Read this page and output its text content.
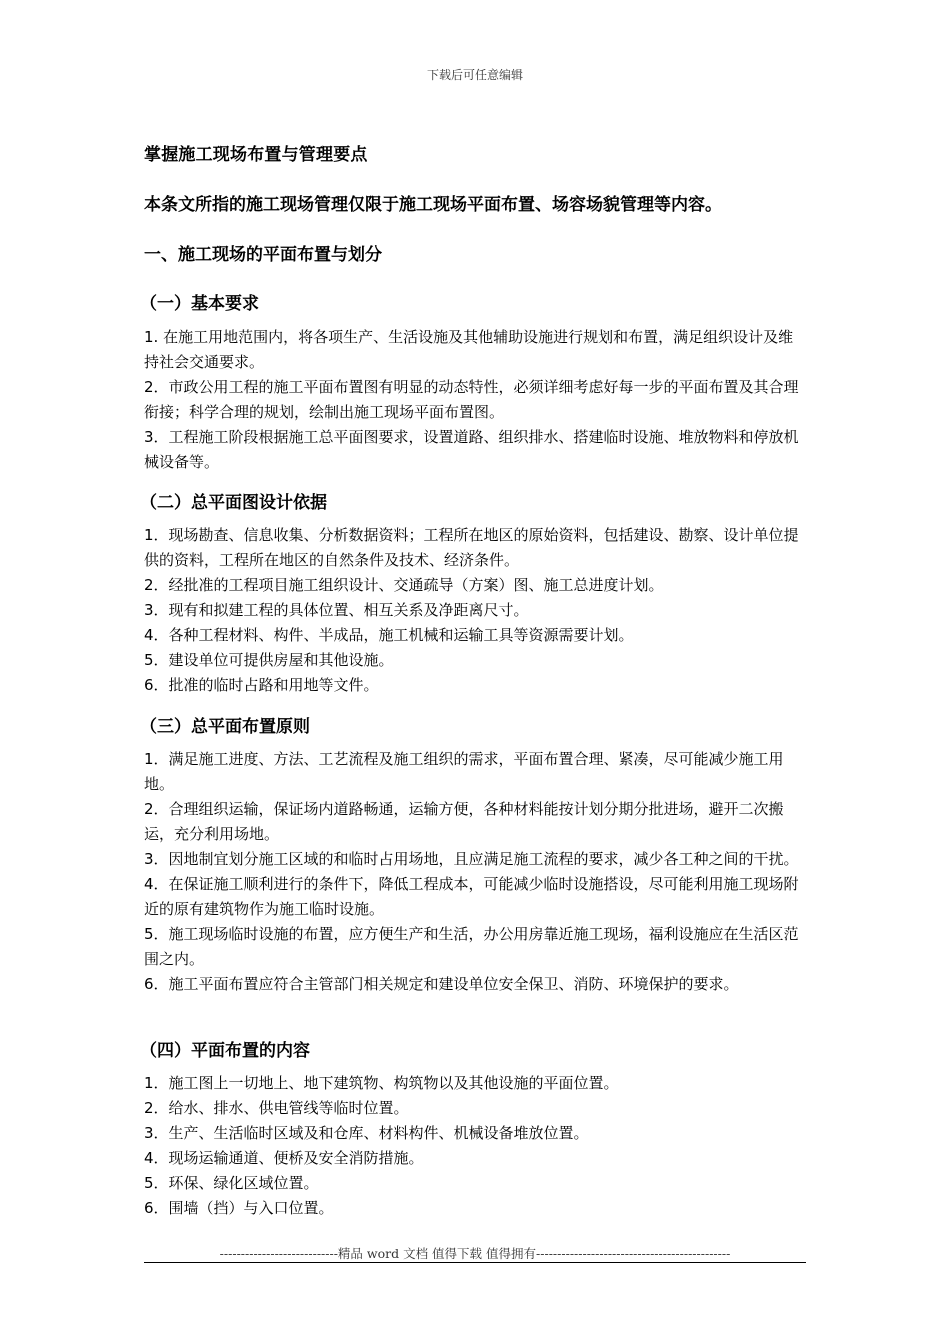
下载后可任意编辑
掌握施工现场布置与管理要点
本条文所指的施工现场管理仅限于施工现场平面布置、场容场貌管理等内容。
一、施工现场的平面布置与划分
（一）基本要求

1. 在施工用地范围内，将各项生产、生活设施及其他辅助设施进行规划和布置，满足组织设计及维持社会交通要求。

2．市政公用工程的施工平面布置图有明显的动态特性，必须详细考虑好每一步的平面布置及其合理衔接；科学合理的规划，绘制出施工现场平面布置图。

3．工程施工阶段根据施工总平面图要求，设置道路、组织排水、搭建临时设施、堆放物料和停放机械设备等。

（二）总平面图设计依据

1．现场勘查、信息收集、分析数据资料；工程所在地区的原始资料，包括建设、勘察、设计单位提供的资料，工程所在地区的自然条件及技术、经济条件。

2．经批准的工程项目施工组织设计、交通疏导（方案）图、施工总进度计划。

3．现有和拟建工程的具体位置、相互关系及净距离尺寸。

4．各种工程材料、构件、半成品，施工机械和运输工具等资源需要计划。

5．建设单位可提供房屋和其他设施。

6．批准的临时占路和用地等文件。

（三）总平面布置原则

1．满足施工进度、方法、工艺流程及施工组织的需求，平面布置合理、紧凑，尽可能减少施工用地。

2．合理组织运输，保证场内道路畅通，运输方便，各种材料能按计划分期分批进场，避开二次搬运，充分利用场地。

3．因地制宜划分施工区域的和临时占用场地，且应满足施工流程的要求，减少各工种之间的干扰。

4．在保证施工顺利进行的条件下，降低工程成本，可能减少临时设施搭设，尽可能利用施工现场附近的原有建筑物作为施工临时设施。

5．施工现场临时设施的布置，应方便生产和生活，办公用房靠近施工现场，福利设施应在生活区范围之内。

6．施工平面布置应符合主管部门相关规定和建设单位安全保卫、消防、环境保护的要求。

（四）平面布置的内容

1．施工图上一切地上、地下建筑物、构筑物以及其他设施的平面位置。

2．给水、排水、供电管线等临时位置。

3．生产、生活临时区域及和仓库、材料构件、机械设备堆放位置。

4．现场运输通道、便桥及安全消防措施。

5．环保、绿化区域位置。

6．围墙（挡）与入口位置。

----------------------------精品 word 文档 值得下载 值得拥有----------------------------------------------
